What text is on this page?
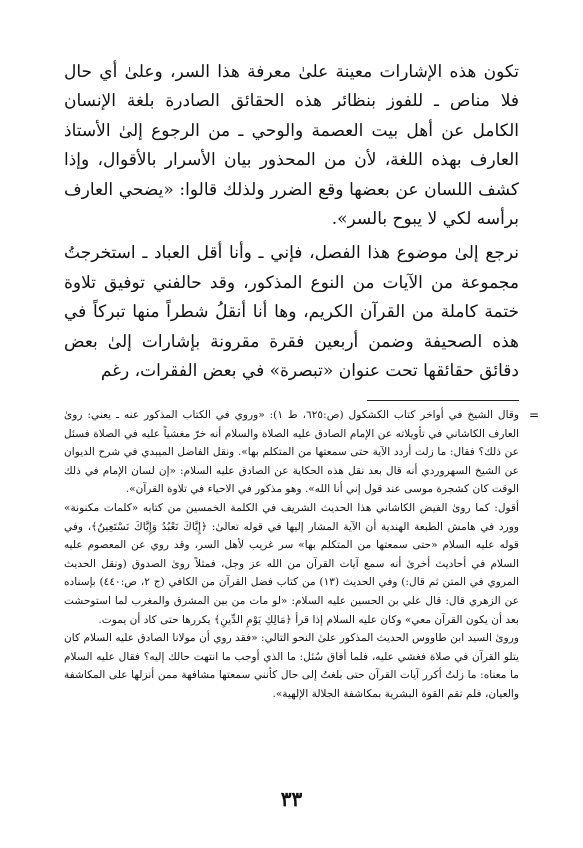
تكون هذه الإشارات معينة علىٰ معرفة هذا السر، وعلىٰ أي حال فلا مناص ـ للفوز بنظائر هذه الحقائق الصادرة بلغة الإنسان الكامل عن أهل بيت العصمة والوحي ـ من الرجوع إلىٰ الأستاذ العارف بهذه اللغة، لأن من المحذور بيان الأسرار بالأقوال، وإذا كشف اللسان عن بعضها وقع الضرر ولذلك قالوا: «يضحي العارف برأسه لكي لا يبوح بالسر».

نرجع إلىٰ موضوع هذا الفصل، فإني ـ وأنا أقل العباد ـ استخرجتُ مجموعة من الآيات من النوع المذكور، وقد حالفني توفيق تلاوة ختمة كاملة من القرآن الكريم، وها أنا أنقلُ شطراً منها تبركاً في هذه الصحيفة وضمن أربعين فقرة مقرونة بإشارات إلىٰ بعض دقائق حقائقها تحت عنوان «تبصرة» في بعض الفقرات، رغم

=
وقال الشيخ في أواخر كتاب الكشكول (ص:٦٢٥، ط ١): «وروي في الكتاب المذكور عنه ـ يعني: روىٰ العارف الكاشاني في تأويلاته عن الإمام الصادق عليه الصلاة والسلام أنه خرّ مغشياً عليه في الصلاة فسئل عن ذلك؟ فقال: ما زلت أردد الآية حتى سمعتها من المتكلم بها». ونقل الفاضل الميبدي في شرح الديوان عن الشيخ السهروردي أنه قال بعد نقل هذه الحكاية عن الصادق عليه السلام: «إن لسان الإمام في ذلك الوقت كان كشجرة موسى عند قول إني أنا الله». وهو مذكور في الاحياء في تلاوة القرآن».

أقول: كما روىٰ الفيض الكاشاني هذا الحديث الشريف في الكلمة الخمسين من كتابه «كلمات مكنونة» وورد في هامش الطبعة الهندية أن الآية المشار إليها في قوله تعالىٰ: ﴿إِيَّاكَ نَعْبُدُ وَإِيَّاكَ نَسْتَعِينُ﴾، وفي قوله عليه السلام «حتى سمعتها من المتكلم بها» سر غريب لأهل السر، وقد روي عن المعصوم عليه السلام في أحاديث أخرىٰ أنه سمع آيات القرآن من الله عز وجل، فمثلاً روىٰ الصدوق (ونقل الحديث المروي في المتن ثم قال:) وفي الحديث (١٣) من كتاب فضل القرآن من الكافي (ج ٢، ص:٤٤٠) بإسناده عن الزهري قال: قال علي بن الحسين عليه السلام: «لو مات من بين المشرق والمغرب لما استوحشت بعد أن يكون القرآن معي» وكان عليه السلام إذا قرأ ﴿مَالِكِ يَوْمِ الدِّينِ﴾ يكررها حتى كاد أن يموت.

وروىٰ السيد ابن طاووس الحديث المذكور علىٰ النحو التالي: «فقد روي أن مولانا الصادق عليه السلام كان يتلو القرآن في صلاة فغشي عليه، فلما أفاق سُئل: ما الذي أوجب ما انتهت حالك إليه؟ فقال عليه السلام ما معناه: ما زلتُ أكرر آيات القرآن حتى بلغتُ إلى حال كأنني سمعتها مشافهة ممن أنزلها على المكاشفة والعيان، فلم تقم القوة البشرية بمكاشفة الجلالة الإلهية».

٣٣
